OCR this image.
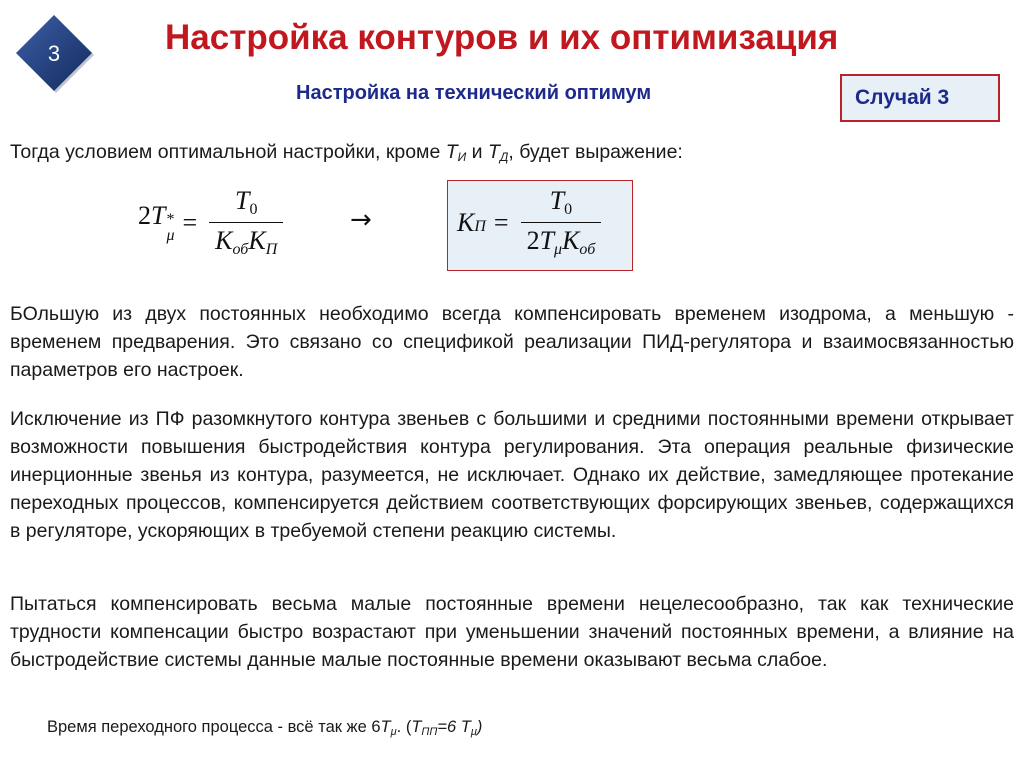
3	Настройка контуров и их оптимизация
Настройка на технический оптимум	Случай 3

Тогда условием оптимальной настройки, кроме $T_И$ и $T_Д$, будет выражение:

2 T *
$\mu = \frac{T_0}{K_{об}K_П}$	→	K $П = \frac{T_0}{2T_\mu K_{об}}$

БОльшую из двух постоянных необходимо всегда компенсировать временем изодрома, а меньшую - временем предварения. Это связано со спецификой реализации ПИД-регулятора и взаимосвязанностью параметров его настроек.

Исключение из ПФ разомкнутого контура звеньев с большими и средними постоянными времени открывает возможности повышения быстродействия контура регулирования. Эта операция реальные физические инерционные звенья из контура, разумеется, не исключает. Однако их действие, замедляющее протекание переходных процессов, компенсируется действием соответствующих форсирующих звеньев, содержащихся в регуляторе, ускоряющих в требуемой степени реакцию системы.

Пытаться компенсировать весьма малые постоянные времени нецелесообразно, так как технические трудности компенсации быстро возрастают при уменьшении значений постоянных времени, а влияние на быстродействие системы данные малые постоянные времени оказывают весьма слабое.

Время переходного процесса - всё так же $6T_\mu$. ($T_{ПП}=6$ $T_\mu$)
